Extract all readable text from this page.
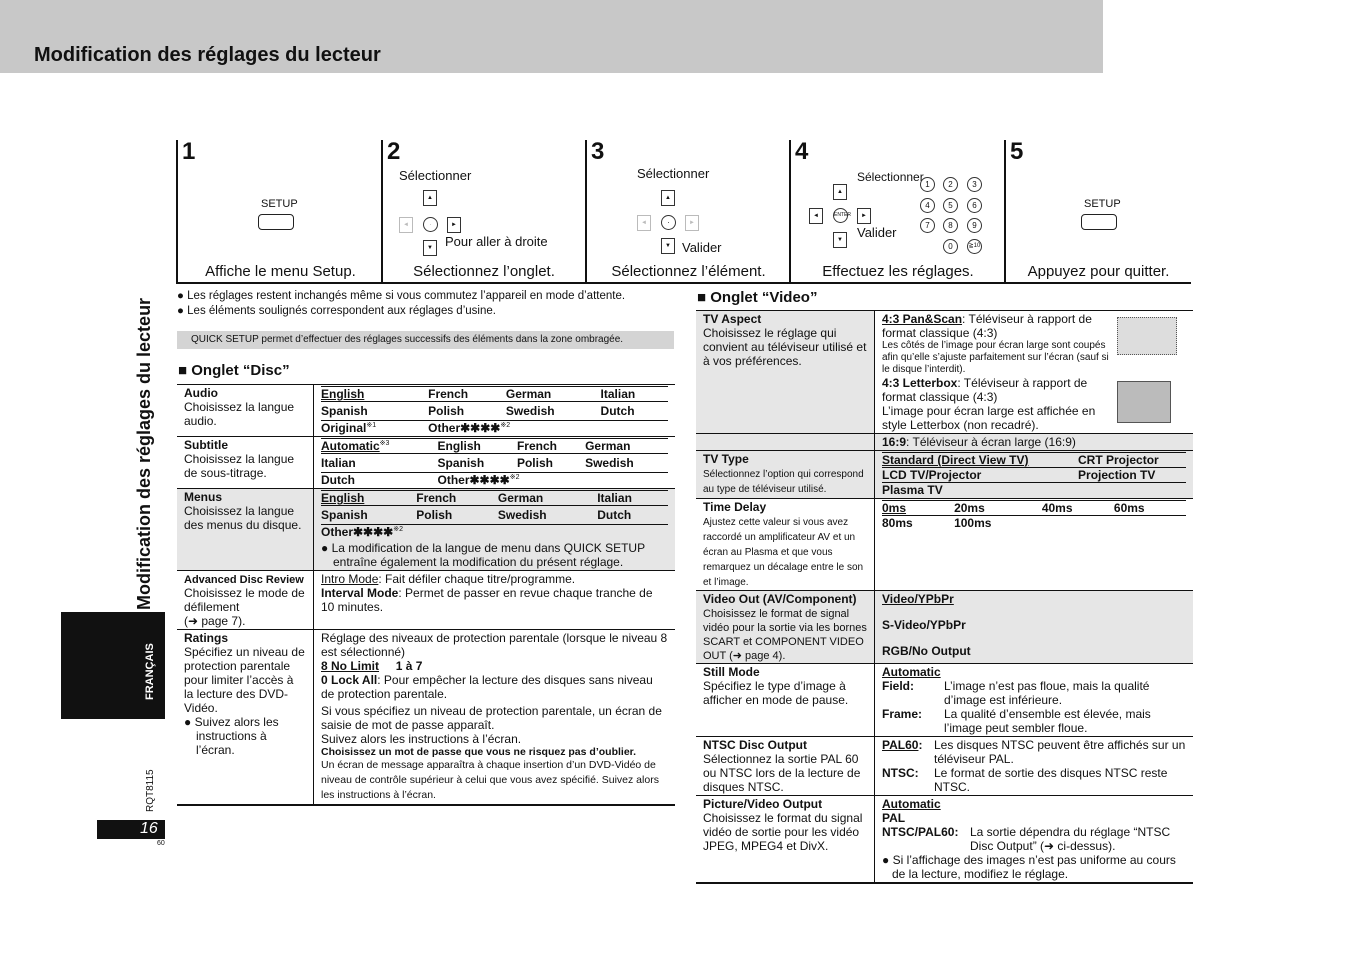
Modification des réglages du lecteur
Modification des réglages du lecteur
FRANÇAIS
RQT8115
16
60
1
SETUP
Affiche le menu Setup.
2
Sélectionner
▲
◄	·	►
▼ Pour aller à droite
Sélectionnez l’onglet.
3
Sélectionner
▲
◄	·	►
▼ Valider
Sélectionnez l’élément.
4
Sélectionner
▲
◄	ENTER	►
▼	Valider
1	2	3
4	5	6
7	8	9
0	≧10
Effectuez les réglages.
5
SETUP
Appuyez pour quitter.
● Les réglages restent inchangés même si vous commutez l’appareil en mode d’attente.
● Les éléments soulignés correspondent aux réglages d’usine.
QUICK SETUP permet d’effectuer des réglages successifs des éléments dans la zone ombragée.
■ Onglet “Disc”
Audio
Choisissez la langue audio.	
English	French	German	Italian
Spanish	Polish	Swedish	Dutch
Original$^{※1}$	Other✱✱✱✱$^{※2}$

Subtitle
Choisissez la langue de sous-titrage.	
Automatic$^{※3}$	English	French	German
Italian	Spanish	Polish	Swedish
Dutch	Other✱✱✱✱$^{※2}$

Menus
Choisissez la langue des menus du disque.	
English	French	German	Italian
Spanish	Polish	Swedish	Dutch
Other✱✱✱✱$^{※2}$
● La modification de la langue de menu dans QUICK SETUP entraîne également la modification du présent réglage.

Advanced Disc Review
Choisissez le mode de défilement
(➜ page 7).	
Intro Mode: Fait défiler chaque titre/programme.
Interval Mode: Permet de passer en revue chaque tranche de 10 minutes.

Ratings
Spécifiez un niveau de protection parentale pour limiter l’accès à la lecture des DVD-Vidéo.
● Suivez alors les instructions à l’écran.

Réglage des niveaux de protection parentale (lorsque le niveau 8 est sélectionné)
8 No Limit 1 à 7
0 Lock All: Pour empêcher la lecture des disques sans niveau de protection parentale.
Si vous spécifiez un niveau de protection parentale, un écran de saisie de mot de passe apparaît.
Suivez alors les instructions à l’écran.
Choisissez un mot de passe que vous ne risquez pas d’oublier.
Un écran de message apparaîtra à chaque insertion d’un DVD-Vidéo de niveau de contrôle supérieur à celui que vous avez spécifié. Suivez alors les instructions à l’écran.
■ Onglet “Video”
TV Aspect
Choisissez le réglage qui convient au téléviseur utilisé et à vos préférences.	
4:3 Pan&Scan: Téléviseur à rapport de format classique (4:3)
Les côtés de l’image pour écran large sont coupés afin qu’elle s’ajuste parfaitement sur l’écran (sauf si le disque l’interdit).
4:3 Letterbox: Téléviseur à rapport de format classique (4:3)
L’image pour écran large est affichée en style Letterbox (non recadré).

	16:9: Téléviseur à écran large (16:9)
TV Type
Sélectionnez l’option qui correspond au type de téléviseur utilisé.	
Standard (Direct View TV)	CRT Projector
LCD TV/Projector	Projection TV
Plasma TV	

Time Delay
Ajustez cette valeur si vous avez raccordé un amplificateur AV et un écran au Plasma et que vous remarquez un décalage entre le son et l’image.	
0ms	20ms	40ms	60ms
80ms	100ms		

Video Out (AV/Component)
Choisissez le format de signal vidéo pour la sortie via les bornes SCART et COMPONENT VIDEO OUT (➜ page 4).	
Video/YPbPr
S-Video/YPbPr
RGB/No Output

Still Mode
Spécifiez le type d’image à afficher en mode de pause.	
Automatic
Field:	L’image n’est pas floue, mais la qualité d’image est inférieure.
Frame:	La qualité d’ensemble est élevée, mais l’image peut sembler floue.

NTSC Disc Output
Sélectionnez la sortie PAL 60 ou NTSC lors de la lecture de disques NTSC.	
PAL60: Les disques NTSC peuvent être affichés sur un téléviseur PAL.
NTSC:	Le format de sortie des disques NTSC reste NTSC.

Picture/Video Output
Choisissez le format du signal vidéo de sortie pour les vidéo JPEG, MPEG4 et DivX.	
Automatic
PAL
NTSC/PAL60: La sortie dépendra du réglage “NTSC Disc Output” (➜ ci-dessus).
● Si l’affichage des images n’est pas uniforme au cours de la lecture, modifiez le réglage.
